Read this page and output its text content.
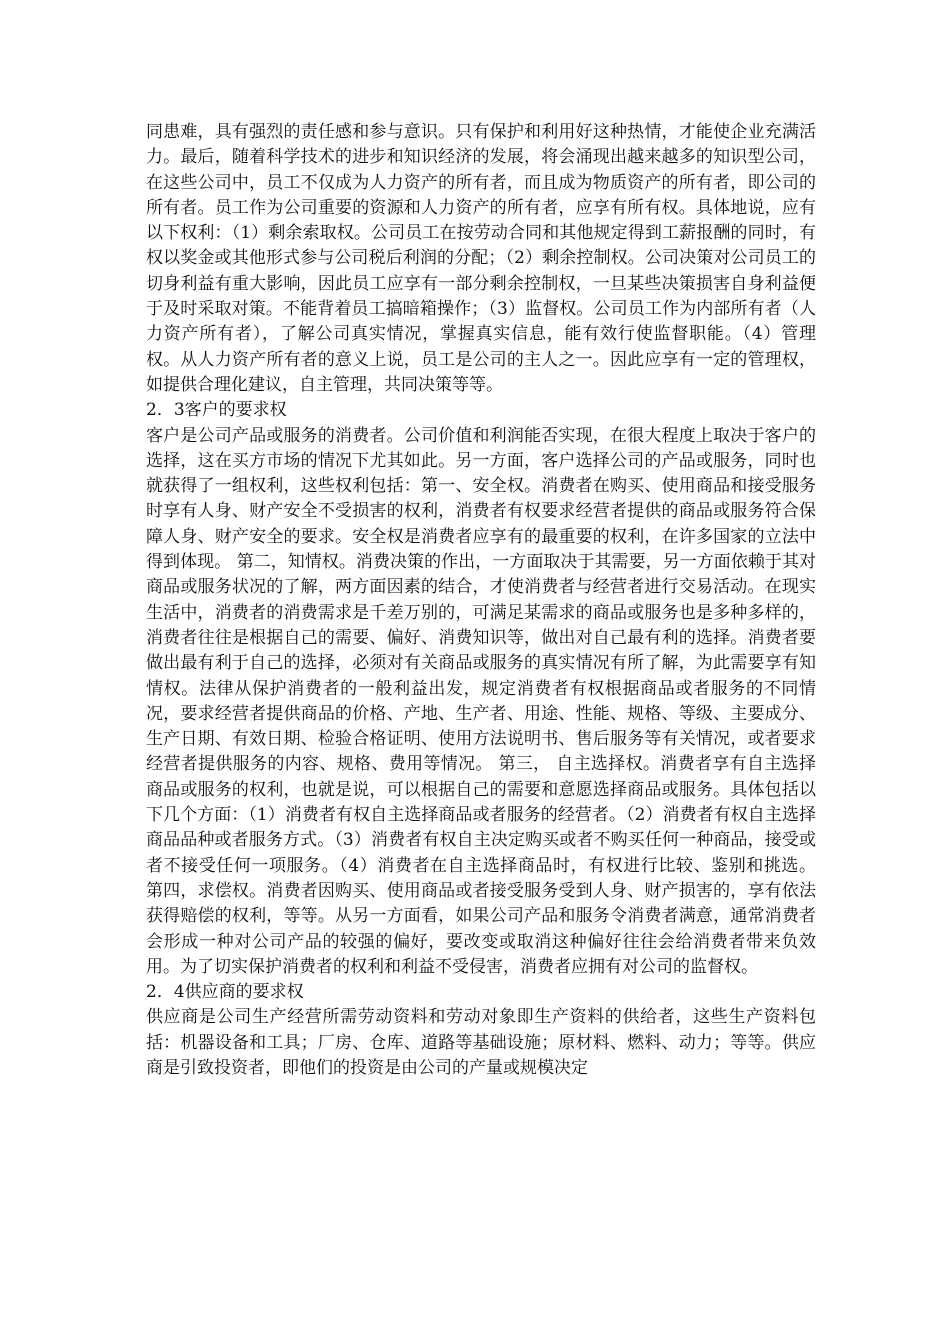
同患难，具有强烈的责任感和参与意识。只有保护和利用好这种热情，才能使企业充满活力。最后，随着科学技术的进步和知识经济的发展，将会涌现出越来越多的知识型公司，在这些公司中，员工不仅成为人力资产的所有者，而且成为物质资产的所有者，即公司的所有者。员工作为公司重要的资源和人力资产的所有者，应享有所有权。具体地说，应有以下权利：（1）剩余索取权。公司员工在按劳动合同和其他规定得到工薪报酬的同时，有权以奖金或其他形式参与公司税后利润的分配；（2）剩余控制权。公司决策对公司员工的切身利益有重大影响，因此员工应享有一部分剩余控制权，一旦某些决策损害自身利益便于及时采取对策。不能背着员工搞暗箱操作；（3）监督权。公司员工作为内部所有者（人力资产所有者），了解公司真实情况，掌握真实信息，能有效行使监督职能。（4）管理权。从人力资产所有者的意义上说，员工是公司的主人之一。因此应享有一定的管理权，如提供合理化建议，自主管理，共同决策等等。

2．3客户的要求权

客户是公司产品或服务的消费者。公司价值和利润能否实现，在很大程度上取决于客户的选择，这在买方市场的情况下尤其如此。另一方面，客户选择公司的产品或服务，同时也就获得了一组权利，这些权利包括：第一、安全权。消费者在购买、使用商品和接受服务时享有人身、财产安全不受损害的权利，消费者有权要求经营者提供的商品或服务符合保障人身、财产安全的要求。安全权是消费者应享有的最重要的权利，在许多国家的立法中得到体现。 第二，知情权。消费决策的作出，一方面取决于其需要，另一方面依赖于其对商品或服务状况的了解，两方面因素的结合，才使消费者与经营者进行交易活动。在现实生活中，消费者的消费需求是千差万别的，可满足某需求的商品或服务也是多种多样的，消费者往往是根据自己的需要、偏好、消费知识等，做出对自己最有利的选择。消费者要做出最有利于自己的选择，必须对有关商品或服务的真实情况有所了解，为此需要享有知情权。法律从保护消费者的一般利益出发，规定消费者有权根据商品或者服务的不同情况，要求经营者提供商品的价格、产地、生产者、用途、性能、规格、等级、主要成分、生产日期、有效日期、检验合格证明、使用方法说明书、售后服务等有关情况，或者要求经营者提供服务的内容、规格、费用等情况。 第三， 自主选择权。消费者享有自主选择商品或服务的权利，也就是说，可以根据自己的需要和意愿选择商品或服务。具体包括以下几个方面：（1）消费者有权自主选择商品或者服务的经营者。（2）消费者有权自主选择商品品种或者服务方式。（3）消费者有权自主决定购买或者不购买任何一种商品，接受或者不接受任何一项服务。（4）消费者在自主选择商品时，有权进行比较、鉴别和挑选。 第四，求偿权。消费者因购买、使用商品或者接受服务受到人身、财产损害的，享有依法获得赔偿的权利，等等。从另一方面看，如果公司产品和服务令消费者满意，通常消费者会形成一种对公司产品的较强的偏好，要改变或取消这种偏好往往会给消费者带来负效用。为了切实保护消费者的权利和利益不受侵害，消费者应拥有对公司的监督权。

2．4供应商的要求权

供应商是公司生产经营所需劳动资料和劳动对象即生产资料的供给者，这些生产资料包括：机器设备和工具；厂房、仓库、道路等基础设施；原材料、燃料、动力；等等。供应商是引致投资者，即他们的投资是由公司的产量或规模决定
